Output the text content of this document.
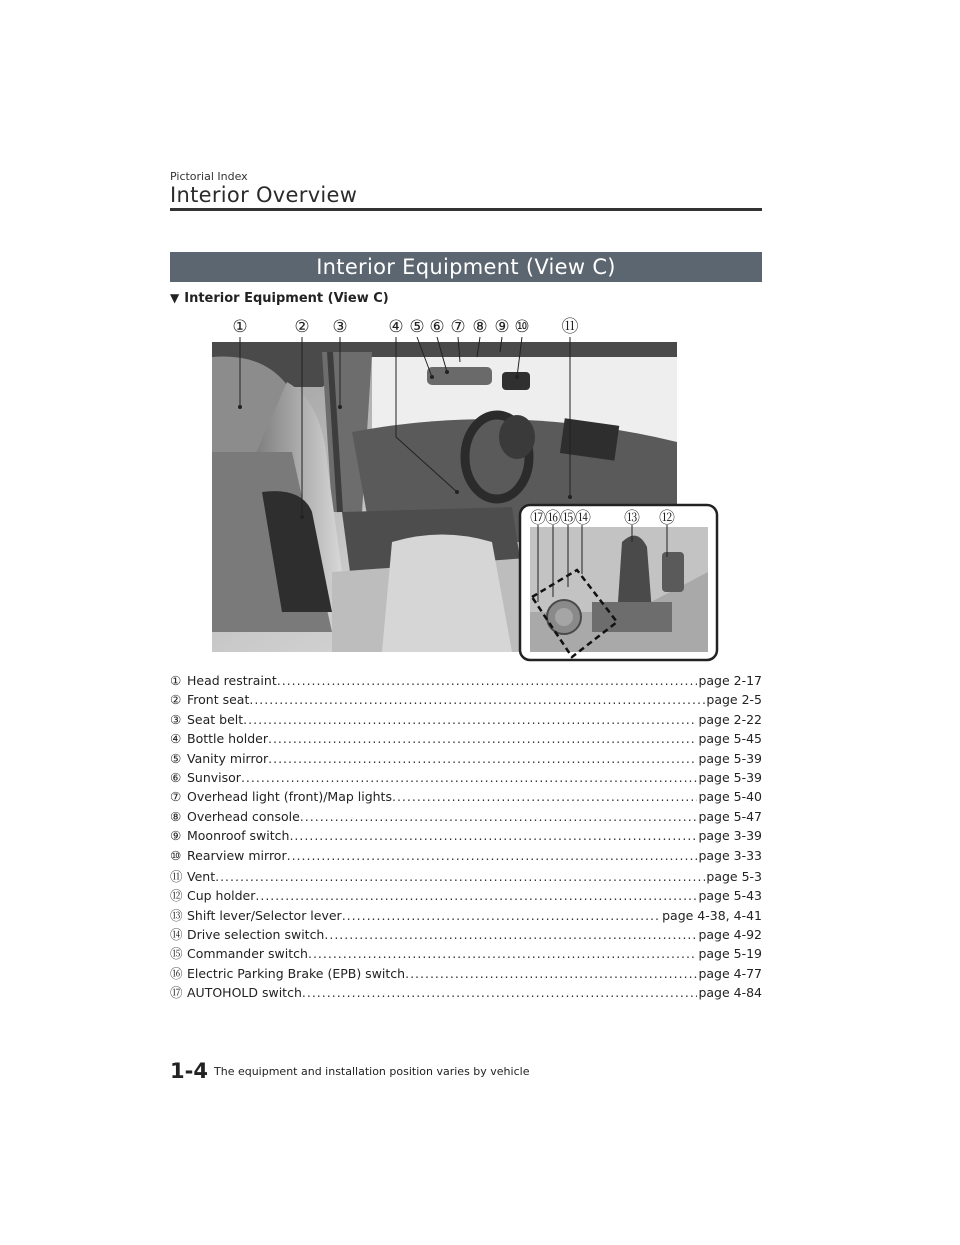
Pictorial Index
Interior Overview
Interior Equipment (View C)
▼ Interior Equipment (View C)
①	② ③ ④ ⑤ ⑥ ⑦ ⑧ ⑨ ⑩ ⑪
⑰
⑯
⑮
⑭ ⑬ ⑫
① Head restraint .....	page 2-17
② Front seat .....	page 2-5
③ Seat belt .....	page 2-22
④ Bottle holder .....	page 5-45
⑤ Vanity mirror .....	page 5-39
⑥ Sunvisor .....	page 5-39
⑦ Overhead light (front)/Map lights .....	page 5-40
⑧ Overhead console .....	page 5-47
⑨ Moonroof switch .....	page 3-39
⑩ Rearview mirror .....	page 3-33
⑪ Vent .....	page 5-3
⑫ Cup holder .....	page 5-43
⑬ Shift lever/Selector lever .....	page 4-38, 4-41
⑭ Drive selection switch .....	page 4-92
⑮ Commander switch .....	page 5-19
⑯ Electric Parking Brake (EPB) switch .....	page 4-77
⑰ AUTOHOLD switch .....	page 4-84
1-4 The equipment and installation position varies by vehicle
